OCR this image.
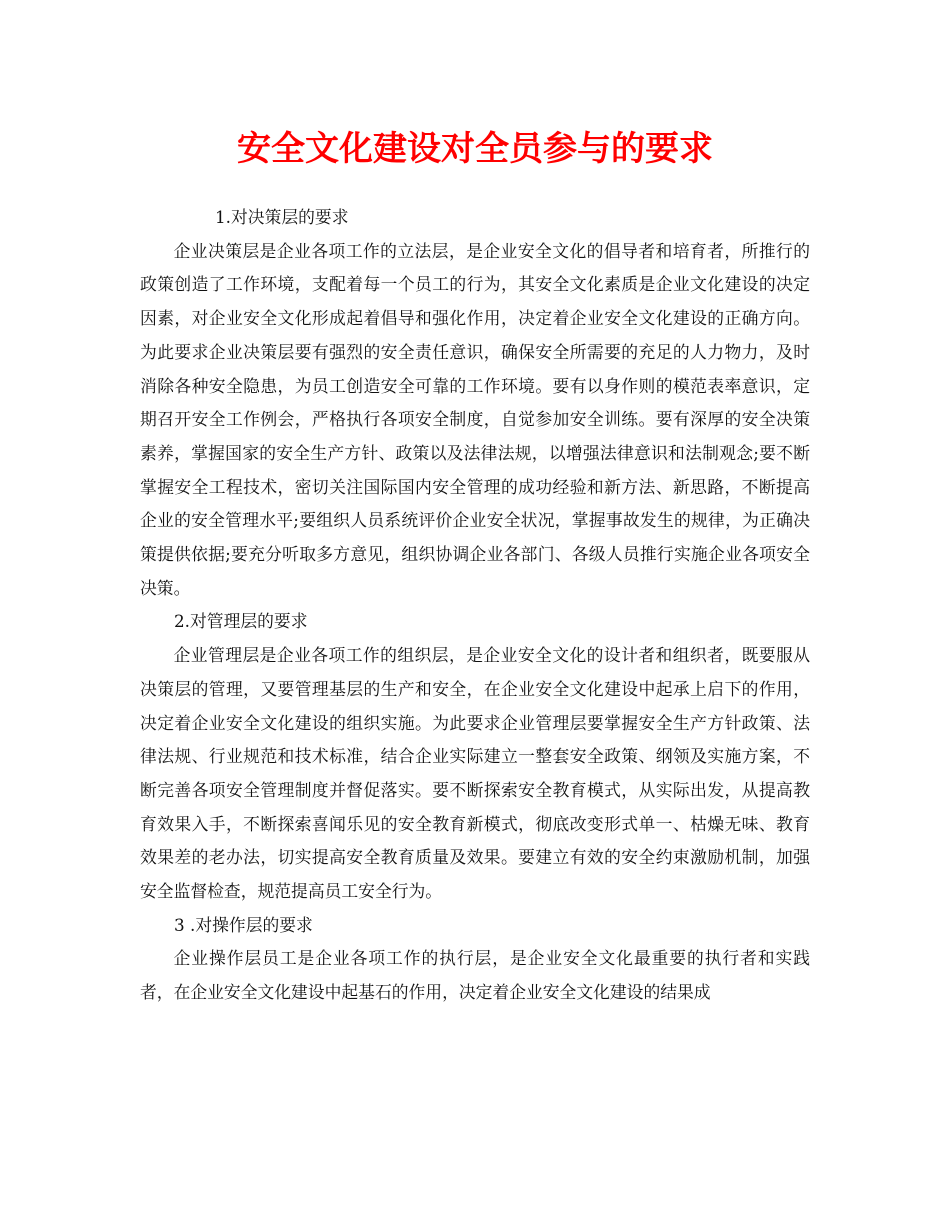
安全文化建设对全员参与的要求

1.对决策层的要求

企业决策层是企业各项工作的立法层，是企业安全文化的倡导者和培育者，所推行的政策创造了工作环境，支配着每一个员工的行为，其安全文化素质是企业文化建设的决定因素，对企业安全文化形成起着倡导和强化作用，决定着企业安全文化建设的正确方向。为此要求企业决策层要有强烈的安全责任意识，确保安全所需要的充足的人力物力，及时消除各种安全隐患，为员工创造安全可靠的工作环境。要有以身作则的模范表率意识，定期召开安全工作例会，严格执行各项安全制度，自觉参加安全训练。要有深厚的安全决策素养，掌握国家的安全生产方针、政策以及法律法规，以增强法律意识和法制观念;要不断掌握安全工程技术，密切关注国际国内安全管理的成功经验和新方法、新思路，不断提高企业的安全管理水平;要组织人员系统评价企业安全状况，掌握事故发生的规律，为正确决策提供依据;要充分听取多方意见，组织协调企业各部门、各级人员推行实施企业各项安全决策。

2.对管理层的要求

企业管理层是企业各项工作的组织层，是企业安全文化的设计者和组织者，既要服从决策层的管理，又要管理基层的生产和安全，在企业安全文化建设中起承上启下的作用，决定着企业安全文化建设的组织实施。为此要求企业管理层要掌握安全生产方针政策、法律法规、行业规范和技术标准，结合企业实际建立一整套安全政策、纲领及实施方案，不断完善各项安全管理制度并督促落实。要不断探索安全教育模式，从实际出发，从提高教育效果入手，不断探索喜闻乐见的安全教育新模式，彻底改变形式单一、枯燥无味、教育效果差的老办法，切实提高安全教育质量及效果。要建立有效的安全约束激励机制，加强安全监督检查，规范提高员工安全行为。

3 .对操作层的要求

企业操作层员工是企业各项工作的执行层，是企业安全文化最重要的执行者和实践者，在企业安全文化建设中起基石的作用，决定着企业安全文化建设的结果成
